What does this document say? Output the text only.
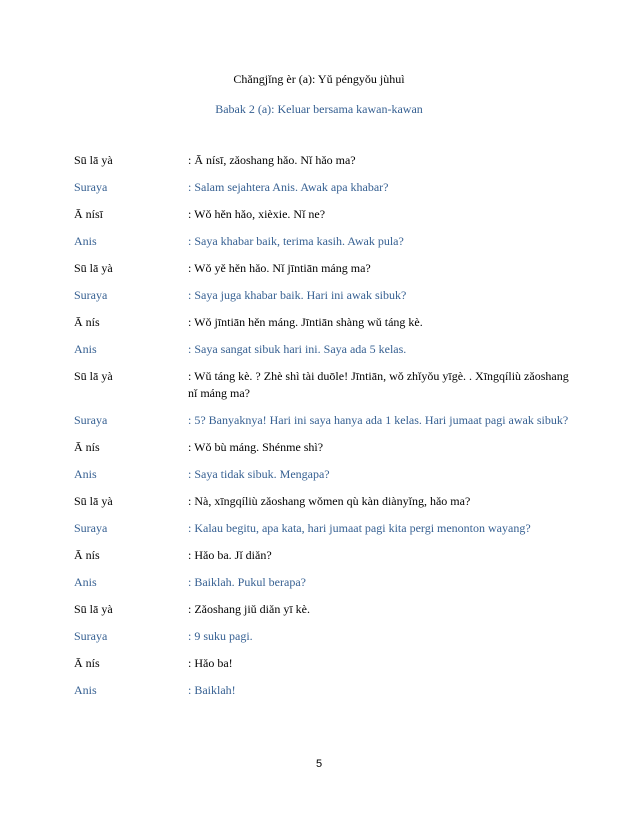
Chǎngjǐng èr (a): Yǔ péngyǒu jùhuì
Babak 2 (a): Keluar bersama kawan-kawan
Sū lā yà	: Ā nísī, zǎoshang hǎo. Nǐ hǎo ma?
Suraya	: Salam sejahtera Anis. Awak apa khabar?
Ā nísī	: Wǒ hěn hǎo, xièxie. Nǐ ne?
Anis	: Saya khabar baik, terima kasih. Awak pula?
Sū lā yà	: Wǒ yě hěn hǎo. Nǐ jīntiān máng ma?
Suraya	: Saya juga khabar baik. Hari ini awak sibuk?
Ā nís	: Wǒ jīntiān hěn máng. Jīntiān shàng wǔ táng kè.
Anis	: Saya sangat sibuk hari ini. Saya ada 5 kelas.
Sū lā yà	: Wǔ táng kè. ? Zhè shì tài duōle! Jīntiān, wǒ zhǐyǒu yīgè. . Xīngqíliù zǎoshang nǐ máng ma?
Suraya	: 5? Banyaknya! Hari ini saya hanya ada 1 kelas. Hari jumaat pagi awak sibuk?
Ā nís	: Wǒ bù máng. Shénme shì?
Anis	: Saya tidak sibuk. Mengapa?
Sū lā yà	: Nà, xīngqíliù zǎoshang wǒmen qù kàn diànyǐng, hǎo ma?
Suraya	: Kalau begitu, apa kata, hari jumaat pagi kita pergi menonton wayang?
Ā nís	: Hǎo ba. Jǐ diǎn?
Anis	: Baiklah. Pukul berapa?
Sū lā yà	: Zǎoshang jiǔ diǎn yī kè.
Suraya	: 9 suku pagi.
Ā nís	: Hǎo ba!
Anis	: Baiklah!
5
